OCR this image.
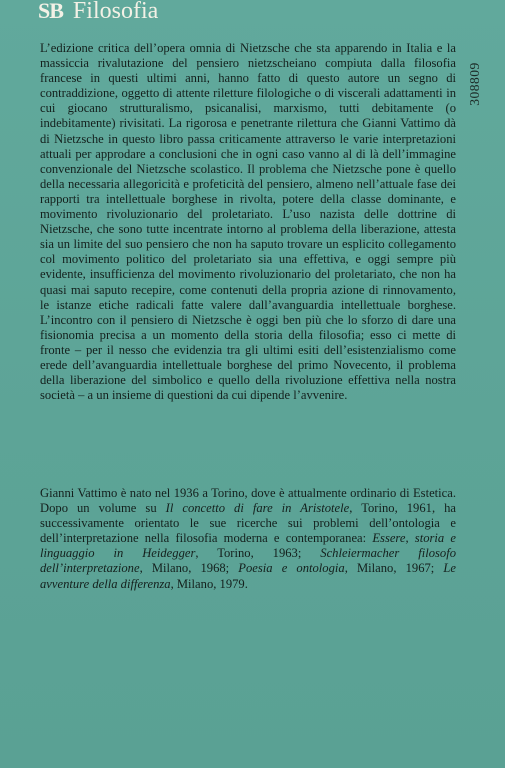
SB Filosofia
308809

L’edizione critica dell’opera omnia di Nietzsche che sta apparendo in Italia e la massiccia rivalutazione del pensiero nietzscheiano compiuta dalla filosofia francese in questi ultimi anni, hanno fatto di questo autore un segno di contraddizione, oggetto di attente riletture filologiche o di viscerali adattamenti in cui giocano strutturalismo, psicanalisi, marxismo, tutti debitamente (o indebitamente) rivisitati. La rigorosa e penetrante rilettura che Gianni Vattimo dà di Nietzsche in questo libro passa criticamente attraverso le varie interpretazioni attuali per approdare a conclusioni che in ogni caso vanno al di là dell’immagine convenzionale del Nietzsche scolastico. Il problema che Nietzsche pone è quello della necessaria allegoricità e profeticità del pensiero, almeno nell’attuale fase dei rapporti tra intellettuale borghese in rivolta, potere della classe dominante, e movimento rivoluzionario del proletariato. L’uso nazista delle dottrine di Nietzsche, che sono tutte incentrate intorno al problema della liberazione, attesta sia un limite del suo pensiero che non ha saputo trovare un esplicito collegamento col movimento politico del proletariato sia una effettiva, e oggi sempre più evidente, insufficienza del movimento rivoluzionario del proletariato, che non ha quasi mai saputo recepire, come contenuti della propria azione di rinnovamento, le istanze etiche radicali fatte valere dall’avanguardia intellettuale borghese. L’incontro con il pensiero di Nietzsche è oggi ben più che lo sforzo di dare una fisionomia precisa a un momento della storia della filosofia; esso ci mette di fronte – per il nesso che evidenzia tra gli ultimi esiti dell’esistenzialismo come erede dell’avanguardia intellettuale borghese del primo Novecento, il problema della liberazione del simbolico e quello della rivoluzione effettiva nella nostra società – a un insieme di questioni da cui dipende l’avvenire.

Gianni Vattimo è nato nel 1936 a Torino, dove è attualmente ordinario di Estetica. Dopo un volume su Il concetto di fare in Aristotele, Torino, 1961, ha successivamente orientato le sue ricerche sui problemi dell’ontologia e dell’interpretazione nella filosofia moderna e contemporanea: Essere, storia e linguaggio in Heidegger, Torino, 1963; Schleiermacher filosofo dell’interpretazione, Milano, 1968; Poesia e ontologia, Milano, 1967; Le avventure della differenza, Milano, 1979.
